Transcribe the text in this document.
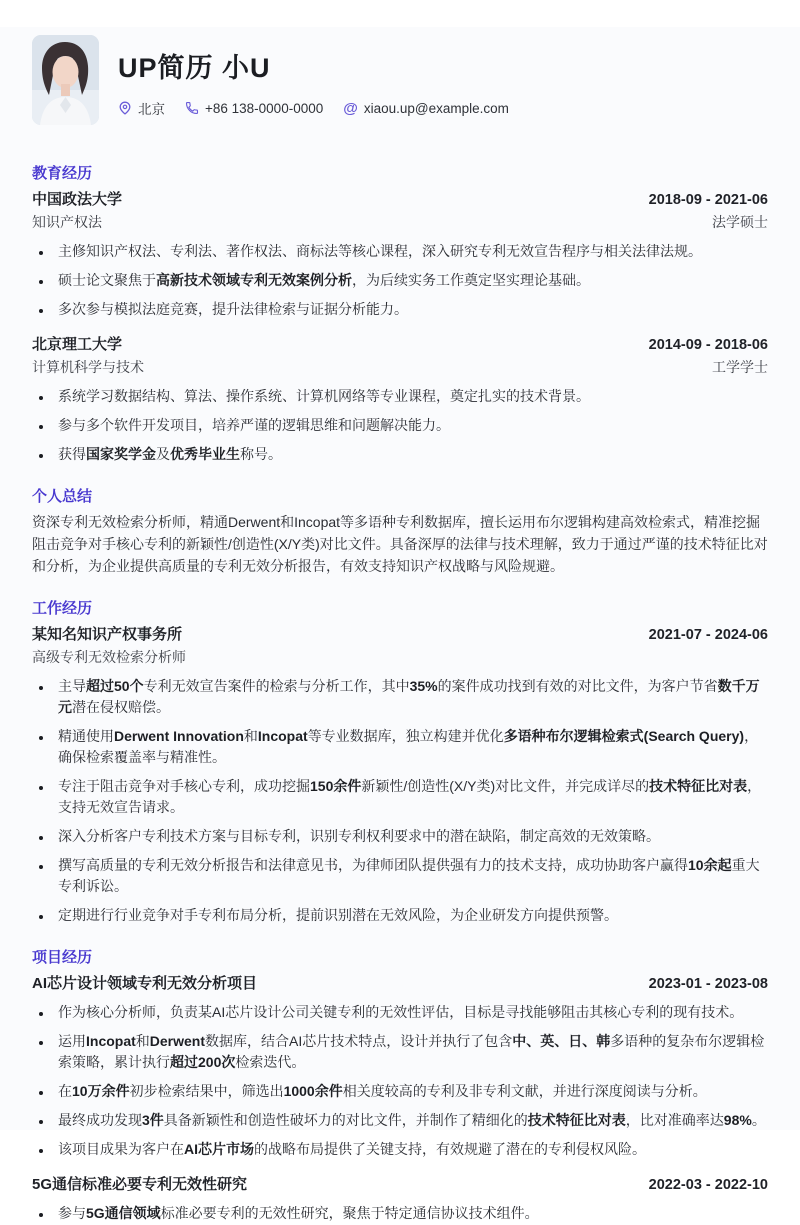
UP简历 小U
北京	+86 138-0000-0000 @ xiaou.up@example.com
教育经历
中国政法大学	2018-09 - 2021-06
知识产权法	法学硕士
• 主修知识产权法、专利法、著作权法、商标法等核心课程，深入研究专利无效宣告程序与相关法律法规。
• 硕士论文聚焦于高新技术领域专利无效案例分析，为后续实务工作奠定坚实理论基础。
• 多次参与模拟法庭竞赛，提升法律检索与证据分析能力。
北京理工大学	2014-09 - 2018-06
计算机科学与技术	工学学士
• 系统学习数据结构、算法、操作系统、计算机网络等专业课程，奠定扎实的技术背景。
• 参与多个软件开发项目，培养严谨的逻辑思维和问题解决能力。
• 获得国家奖学金及优秀毕业生称号。
个人总结

资深专利无效检索分析师，精通Derwent和Incopat等多语种专利数据库，擅长运用布尔逻辑构建高效检索式，精准挖掘阻击竞争对手核心专利的新颖性/创造性(X/Y类)对比文件。具备深厚的法律与技术理解，致力于通过严谨的技术特征比对和分析，为企业提供高质量的专利无效分析报告，有效支持知识产权战略与风险规避。

工作经历
某知名知识产权事务所	2021-07 - 2024-06
高级专利无效检索分析师
• 主导超过50个专利无效宣告案件的检索与分析工作，其中35%的案件成功找到有效的对比文件，为客户节省数千万元潜在侵权赔偿。
• 精通使用Derwent Innovation和Incopat等专业数据库，独立构建并优化多语种布尔逻辑检索式(Search Query)，确保检索覆盖率与精准性。
• 专注于阻击竞争对手核心专利，成功挖掘150余件新颖性/创造性(X/Y类)对比文件，并完成详尽的技术特征比对表，支持无效宣告请求。
• 深入分析客户专利技术方案与目标专利，识别专利权利要求中的潜在缺陷，制定高效的无效策略。
• 撰写高质量的专利无效分析报告和法律意见书，为律师团队提供强有力的技术支持，成功协助客户赢得10余起重大专利诉讼。
• 定期进行行业竞争对手专利布局分析，提前识别潜在无效风险，为企业研发方向提供预警。
项目经历
AI芯片设计领域专利无效分析项目	2023-01 - 2023-08
• 作为核心分析师，负责某AI芯片设计公司关键专利的无效性评估，目标是寻找能够阻击其核心专利的现有技术。
• 运用Incopat和Derwent数据库，结合AI芯片技术特点，设计并执行了包含中、英、日、韩多语种的复杂布尔逻辑检索策略，累计执行超过200次检索迭代。
• 在10万余件初步检索结果中，筛选出1000余件相关度较高的专利及非专利文献，并进行深度阅读与分析。
• 最终成功发现3件具备新颖性和创造性破坏力的对比文件，并制作了精细化的技术特征比对表，比对准确率达98%。
• 该项目成果为客户在AI芯片市场的战略布局提供了关键支持，有效规避了潜在的专利侵权风险。
5G通信标准必要专利无效性研究	2022-03 - 2022-10
• 参与5G通信领域标准必要专利的无效性研究，聚焦于特定通信协议技术组件。
